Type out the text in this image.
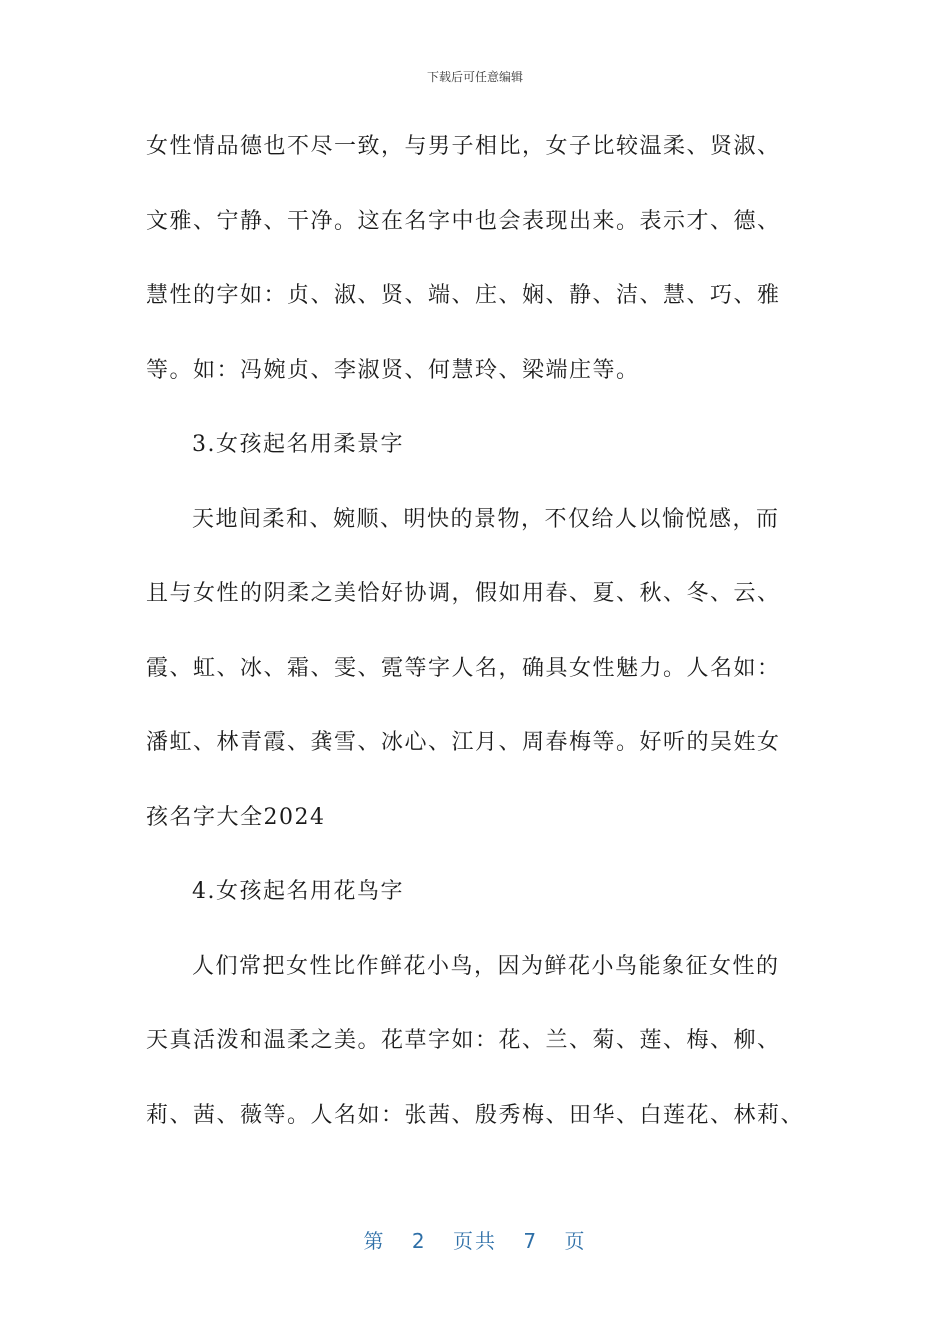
下载后可任意编辑
女性情品德也不尽一致，与男子相比，女子比较温柔、贤淑、
文雅、宁静、干净。这在名字中也会表现出来。表示才、德、
慧性的字如：贞、淑、贤、端、庄、娴、静、洁、慧、巧、雅
等。如：冯婉贞、李淑贤、何慧玲、梁端庄等。
3.女孩起名用柔景字
天地间柔和、婉顺、明快的景物，不仅给人以愉悦感，而
且与女性的阴柔之美恰好协调，假如用春、夏、秋、冬、云、
霞、虹、冰、霜、雯、霓等字人名，确具女性魅力。人名如：
潘虹、林青霞、龚雪、冰心、江月、周春梅等。好听的吴姓女
孩名字大全2024
4.女孩起名用花鸟字
人们常把女性比作鲜花小鸟，因为鲜花小鸟能象征女性的
天真活泼和温柔之美。花草字如：花、兰、菊、莲、梅、柳、
莉、茜、薇等。人名如：张茜、殷秀梅、田华、白莲花、林莉、
第 2 页共 7 页
